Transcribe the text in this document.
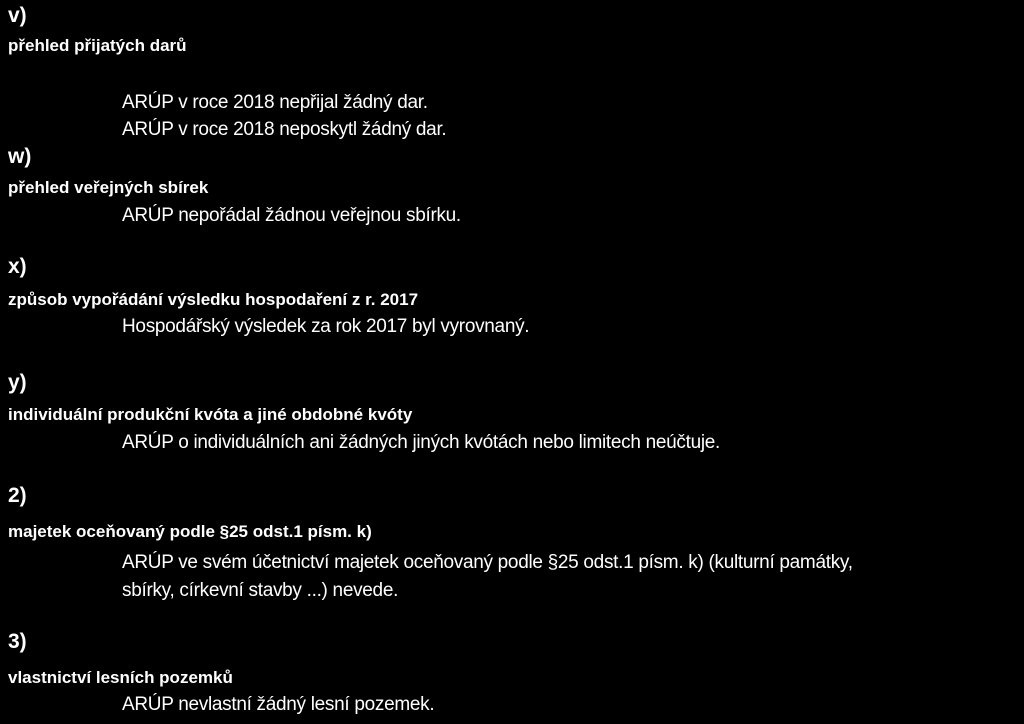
v)
přehled přijatých darů
ARÚP v roce 2018 nepřijal žádný dar.
ARÚP v roce 2018 neposkytl žádný dar.
w)
přehled veřejných sbírek
ARÚP nepořádal žádnou veřejnou sbírku.
x)
způsob vypořádání výsledku hospodaření z r. 2017
Hospodářský výsledek za rok 2017 byl vyrovnaný.
y)
individuální produkční kvóta a jiné obdobné kvóty
ARÚP o individuálních ani žádných jiných kvótách nebo limitech neúčtuje.
2)
majetek oceňovaný podle §25 odst.1 písm. k)
ARÚP ve svém účetnictví majetek oceňovaný podle §25 odst.1 písm. k) (kulturní památky,
sbírky, církevní stavby ...) nevede.
3)
vlastnictví lesních pozemků
ARÚP nevlastní žádný lesní pozemek.
